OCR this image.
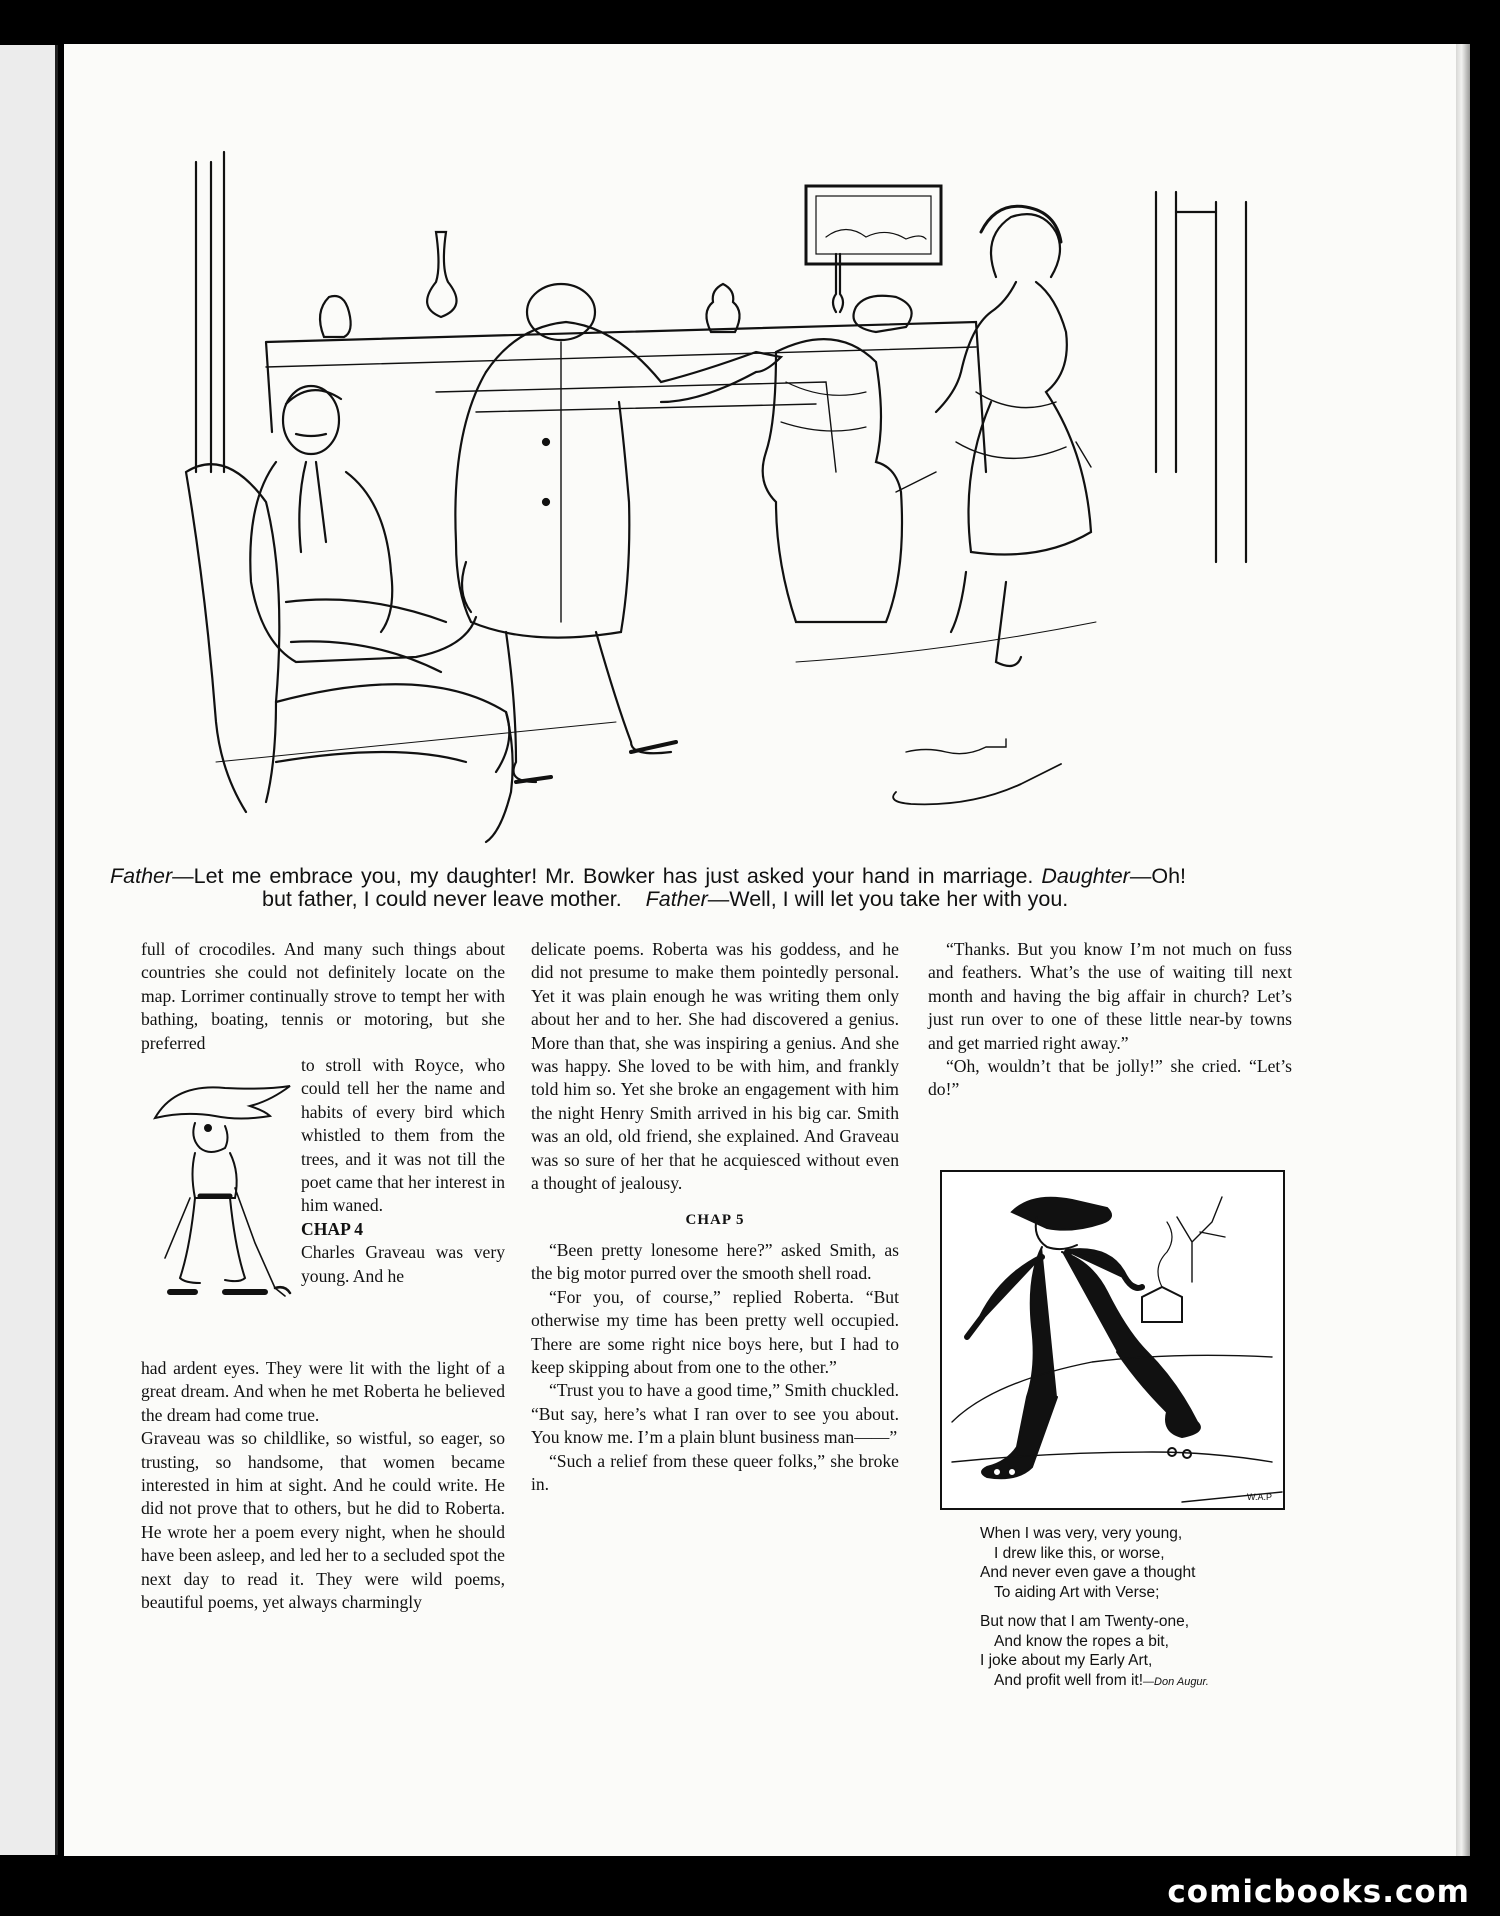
Father—Let me embrace you, my daughter! Mr. Bowker has just asked your hand in marriage. Daughter—Oh!
but father, I could never leave mother. Father—Well, I will let you take her with you.

full of crocodiles. And many such things about countries she could not definitely locate on the map. Lorrimer continually strove to tempt her with bathing, boating, tennis or motoring, but she preferred

to stroll with Royce, who could tell her the name and habits of every bird which whistled to them from the trees, and it was not till the poet came that her interest in him waned.

CHAP 4

Charles Graveau was very young. And he

had ardent eyes. They were lit with the light of a great dream. And when he met Roberta he believed the dream had come true.

Graveau was so childlike, so wistful, so eager, so trusting, so handsome, that women became interested in him at sight. And he could write. He did not prove that to others, but he did to Roberta. He wrote her a poem every night, when he should have been asleep, and led her to a secluded spot the next day to read it. They were wild poems, beautiful poems, yet always charmingly

delicate poems. Roberta was his goddess, and he did not presume to make them pointedly personal. Yet it was plain enough he was writing them only about her and to her. She had discovered a genius. More than that, she was inspiring a genius. And she was happy. She loved to be with him, and frankly told him so. Yet she broke an engagement with him the night Henry Smith arrived in his big car. Smith was an old, old friend, she explained. And Graveau was so sure of her that he acquiesced without even a thought of jealousy.

CHAP 5

“Been pretty lonesome here?” asked Smith, as the big motor purred over the smooth shell road.

“For you, of course,” replied Roberta. “But otherwise my time has been pretty well occupied. There are some right nice boys here, but I had to keep skipping about from one to the other.”

“Trust you to have a good time,” Smith chuckled. “But say, here’s what I ran over to see you about. You know me. I’m a plain blunt business man——”

“Such a relief from these queer folks,” she broke in.

“Thanks. But you know I’m not much on fuss and feathers. What’s the use of waiting till next month and having the big affair in church? Let’s just run over to one of these little near-by towns and get married right away.”

“Oh, wouldn’t that be jolly!” she cried. “Let’s do!”

W.A.P
When I was very, very young,
I drew like this, or worse,
And never even gave a thought
To aiding Art with Verse;
But now that I am Twenty-one,
And know the ropes a bit,
I joke about my Early Art,
And profit well from it!—Don Augur.
comicbooks.com
